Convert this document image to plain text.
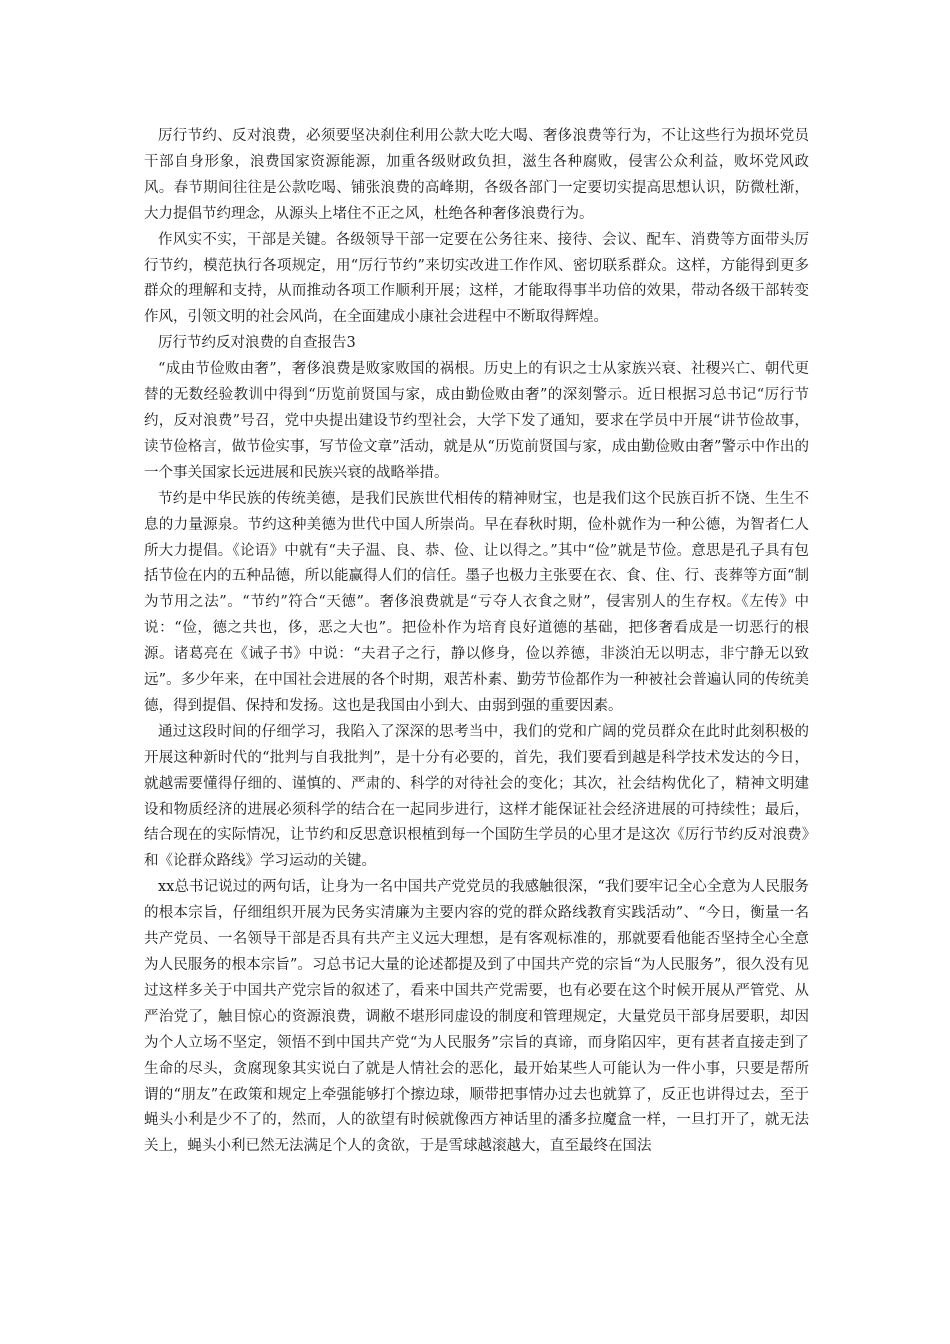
厉行节约、反对浪费，必须要坚决刹住利用公款大吃大喝、奢侈浪费等行为，不让这些行为损坏党员干部自身形象，浪费国家资源能源，加重各级财政负担，滋生各种腐败，侵害公众利益，败坏党风政风。春节期间往往是公款吃喝、铺张浪费的高峰期，各级各部门一定要切实提高思想认识，防微杜渐，大力提倡节约理念，从源头上堵住不正之风，杜绝各种奢侈浪费行为。

作风实不实，干部是关键。各级领导干部一定要在公务往来、接待、会议、配车、消费等方面带头厉行节约，模范执行各项规定，用“厉行节约”来切实改进工作作风、密切联系群众。这样，方能得到更多群众的理解和支持，从而推动各项工作顺利开展；这样，才能取得事半功倍的效果，带动各级干部转变作风，引领文明的社会风尚，在全面建成小康社会进程中不断取得辉煌。

厉行节约反对浪费的自查报告3

“成由节俭败由奢”，奢侈浪费是败家败国的祸根。历史上的有识之士从家族兴衰、社稷兴亡、朝代更替的无数经验教训中得到“历览前贤国与家，成由勤俭败由奢”的深刻警示。近日根据习总书记“厉行节约，反对浪费”号召，党中央提出建设节约型社会，大学下发了通知，要求在学员中开展“讲节俭故事，读节俭格言，做节俭实事，写节俭文章”活动，就是从“历览前贤国与家，成由勤俭败由奢”警示中作出的一个事关国家长远进展和民族兴衰的战略举措。

节约是中华民族的传统美德，是我们民族世代相传的精神财宝，也是我们这个民族百折不饶、生生不息的力量源泉。节约这种美德为世代中国人所崇尚。早在春秋时期，俭朴就作为一种公德，为智者仁人所大力提倡。《论语》中就有“夫子温、良、恭、俭、让以得之。”其中“俭”就是节俭。意思是孔子具有包括节俭在内的五种品德，所以能赢得人们的信任。墨子也极力主张要在衣、食、住、行、丧葬等方面“制为节用之法”。“节约”符合“天德”。奢侈浪费就是“亏夺人衣食之财”，侵害别人的生存权。《左传》中说：“俭，德之共也，侈，恶之大也”。把俭朴作为培育良好道德的基础，把侈奢看成是一切恶行的根源。诸葛亮在《诫子书》中说：“夫君子之行，静以修身，俭以养德，非淡泊无以明志，非宁静无以致远”。多少年来，在中国社会进展的各个时期，艰苦朴素、勤劳节俭都作为一种被社会普遍认同的传统美德，得到提倡、保持和发扬。这也是我国由小到大、由弱到强的重要因素。

通过这段时间的仔细学习，我陷入了深深的思考当中，我们的党和广阔的党员群众在此时此刻积极的开展这种新时代的“批判与自我批判”，是十分有必要的，首先，我们要看到越是科学技术发达的今日，就越需要懂得仔细的、谨慎的、严肃的、科学的对待社会的变化；其次，社会结构优化了，精神文明建设和物质经济的进展必须科学的结合在一起同步进行，这样才能保证社会经济进展的可持续性；最后，结合现在的实际情况，让节约和反思意识根植到每一个国防生学员的心里才是这次《厉行节约反对浪费》和《论群众路线》学习运动的关键。

xx总书记说过的两句话，让身为一名中国共产党党员的我感触很深，“我们要牢记全心全意为人民服务的根本宗旨，仔细组织开展为民务实清廉为主要内容的党的群众路线教育实践活动”、“今日，衡量一名共产党员、一名领导干部是否具有共产主义远大理想，是有客观标准的，那就要看他能否坚持全心全意为人民服务的根本宗旨”。习总书记大量的论述都提及到了中国共产党的宗旨“为人民服务”，很久没有见过这样多关于中国共产党宗旨的叙述了，看来中国共产党需要，也有必要在这个时候开展从严管党、从严治党了，触目惊心的资源浪费，调敝不堪形同虚设的制度和管理规定，大量党员干部身居要职，却因为个人立场不坚定，领悟不到中国共产党“为人民服务”宗旨的真谛，而身陷囚牢，更有甚者直接走到了生命的尽头，贪腐现象其实说白了就是人情社会的恶化，最开始某些人可能认为一件小事，只要是帮所谓的“朋友”在政策和规定上牵强能够打个擦边球，顺带把事情办过去也就算了，反正也讲得过去，至于蝇头小利是少不了的，然而，人的欲望有时候就像西方神话里的潘多拉魔盒一样，一旦打开了，就无法关上，蝇头小利已然无法满足个人的贪欲，于是雪球越滚越大，直至最终在国法
